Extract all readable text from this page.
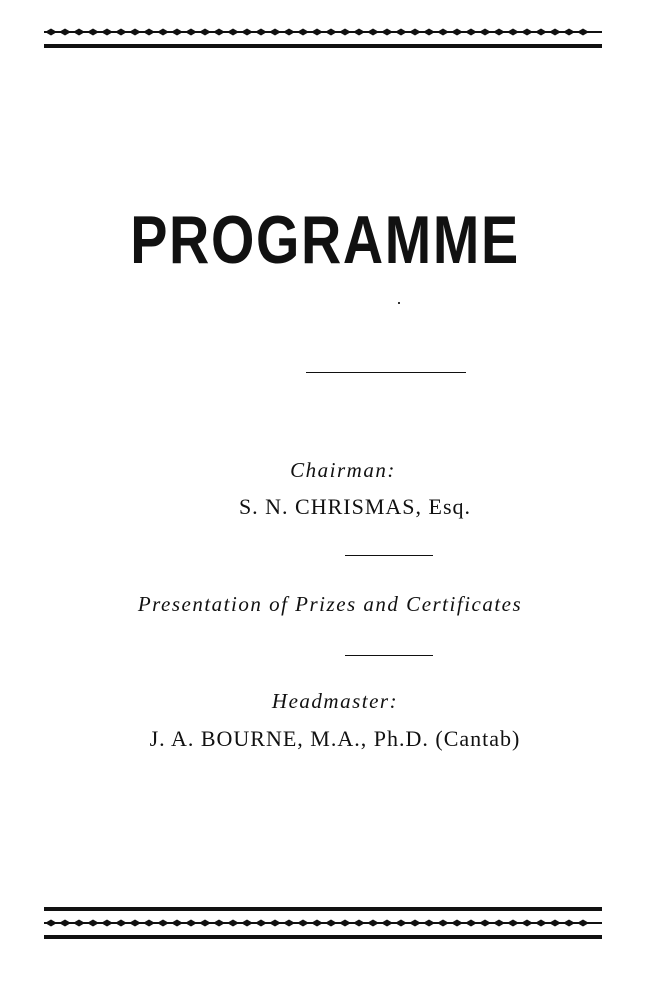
PROGRAMME
Chairman:
S. N. CHRISMAS, Esq.
Presentation of Prizes and Certificates
Headmaster:
J. A. BOURNE, M.A., Ph.D. (Cantab)
